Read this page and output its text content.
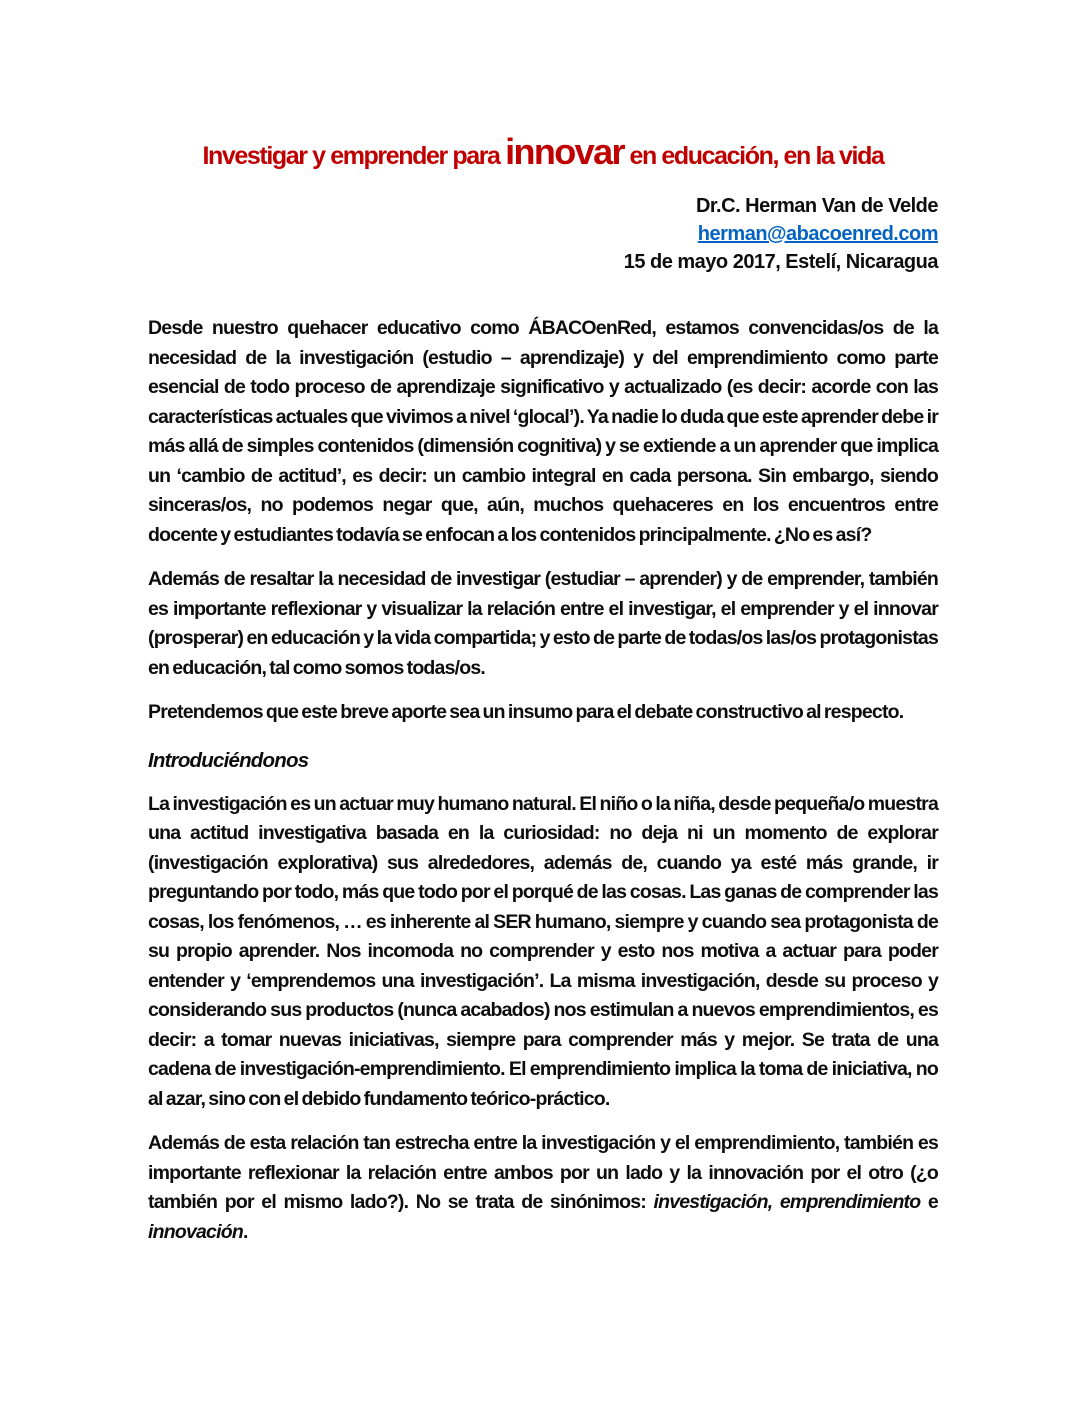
Investigar y emprender para innovar en educación, en la vida
Dr.C. Herman Van de Velde
herman@abacoenred.com
15 de mayo 2017, Estelí, Nicaragua

Desde nuestro quehacer educativo como ÁBACOenRed, estamos convencidas/os de la necesidad de la investigación (estudio – aprendizaje) y del emprendimiento como parte esencial de todo proceso de aprendizaje significativo y actualizado (es decir: acorde con las características actuales que vivimos a nivel ‘glocal’). Ya nadie lo duda que este aprender debe ir más allá de simples contenidos (dimensión cognitiva) y se extiende a un aprender que implica un ‘cambio de actitud’, es decir: un cambio integral en cada persona. Sin embargo, siendo sinceras/os, no podemos negar que, aún, muchos quehaceres en los encuentros entre docente y estudiantes todavía se enfocan a los contenidos principalmente. ¿No es así?

Además de resaltar la necesidad de investigar (estudiar – aprender) y de emprender, también es importante reflexionar y visualizar la relación entre el investigar, el emprender y el innovar (prosperar) en educación y la vida compartida; y esto de parte de todas/os las/os protagonistas en educación, tal como somos todas/os.

Pretendemos que este breve aporte sea un insumo para el debate constructivo al respecto.

Introduciéndonos

La investigación es un actuar muy humano natural. El niño o la niña, desde pequeña/o muestra una actitud investigativa basada en la curiosidad: no deja ni un momento de explorar (investigación explorativa) sus alrededores, además de, cuando ya esté más grande, ir preguntando por todo, más que todo por el porqué de las cosas. Las ganas de comprender las cosas, los fenómenos, … es inherente al SER humano, siempre y cuando sea protagonista de su propio aprender. Nos incomoda no comprender y esto nos motiva a actuar para poder entender y ‘emprendemos una investigación’. La misma investigación, desde su proceso y considerando sus productos (nunca acabados) nos estimulan a nuevos emprendimientos, es decir: a tomar nuevas iniciativas, siempre para comprender más y mejor. Se trata de una cadena de investigación-emprendimiento. El emprendimiento implica la toma de iniciativa, no al azar, sino con el debido fundamento teórico-práctico.

Además de esta relación tan estrecha entre la investigación y el emprendimiento, también es importante reflexionar la relación entre ambos por un lado y la innovación por el otro (¿o también por el mismo lado?). No se trata de sinónimos: investigación, emprendimiento e innovación.
